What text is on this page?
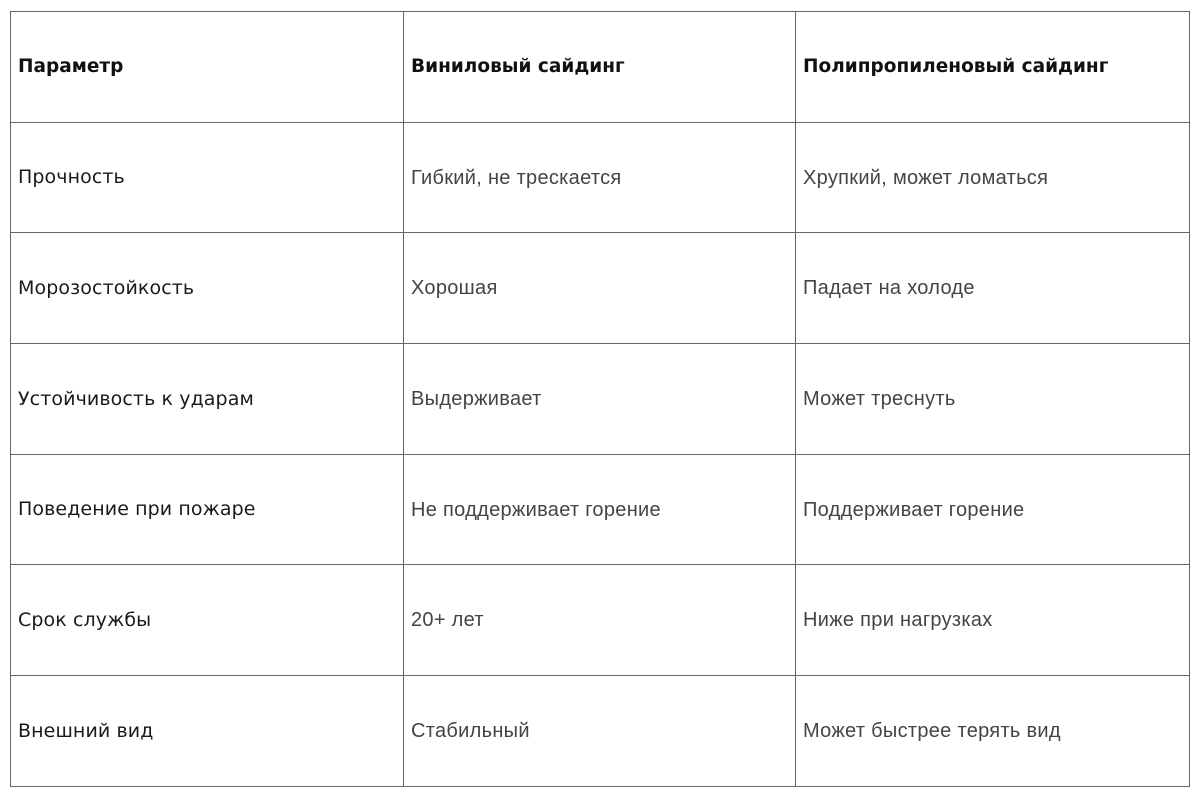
Параметр	Виниловый сайдинг	Полипропиленовый сайдинг
Прочность	Гибкий, не трескается	Хрупкий, может ломаться
Морозостойкость	Хорошая	Падает на холоде
Устойчивость к ударам	Выдерживает	Может треснуть
Поведение при пожаре	Не поддерживает горение	Поддерживает горение
Срок службы	20+ лет	Ниже при нагрузках
Внешний вид	Стабильный	Может быстрее терять вид
